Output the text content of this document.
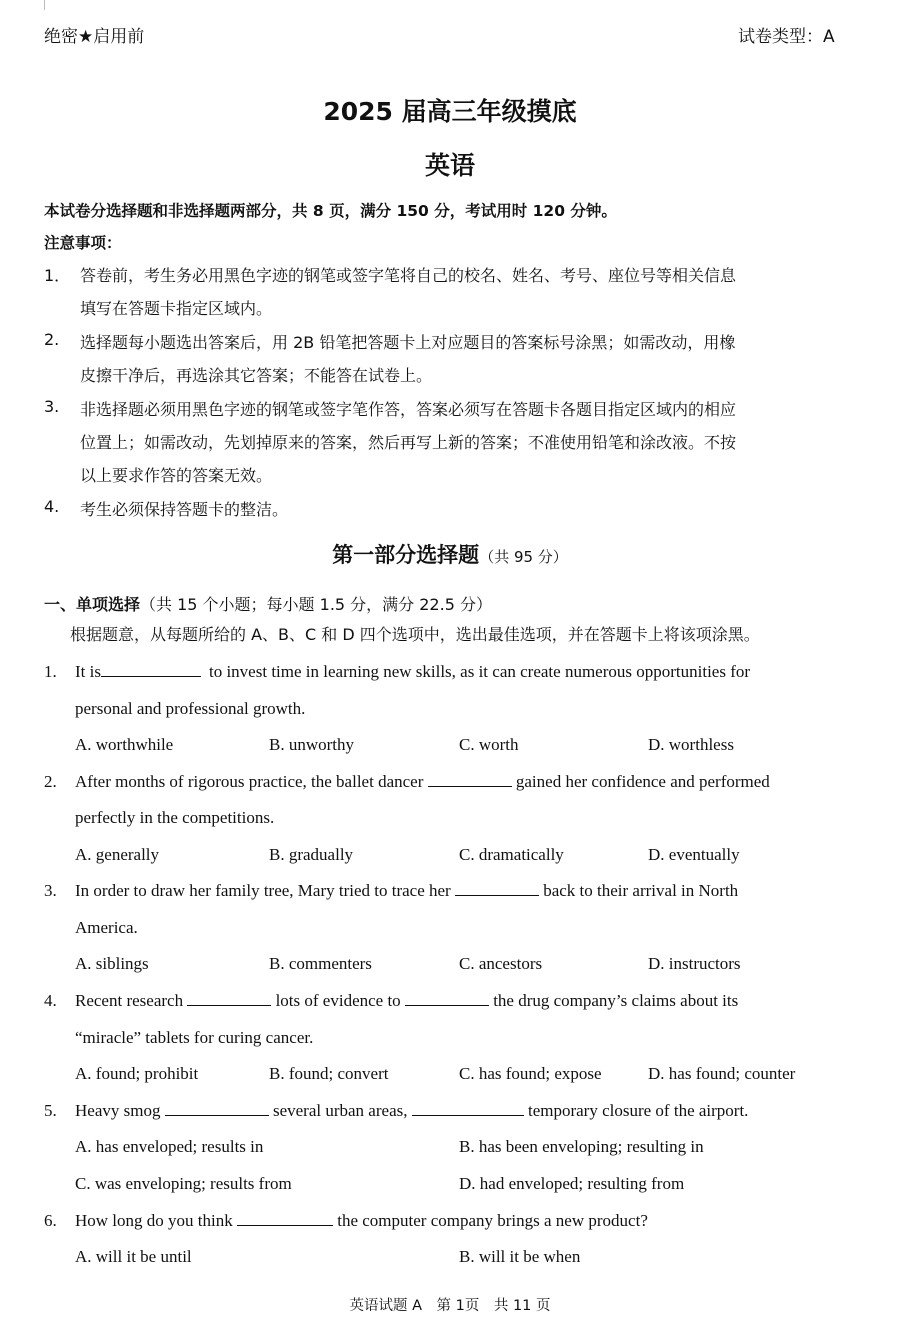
绝密★启用前	试卷类型：A
2025 届高三年级摸底
英语
本试卷分选择题和非选择题两部分，共 8 页，满分 150 分，考试用时 120 分钟。
注意事项：
1． 答卷前，考生务必用黑色字迹的钢笔或签字笔将自己的校名、姓名、考号、座位号等相关信息
填写在答题卡指定区域内。
2. 选择题每小题选出答案后，用 2B 铅笔把答题卡上对应题目的答案标号涂黑；如需改动，用橡
皮擦干净后，再选涂其它答案；不能答在试卷上。
3. 非选择题必须用黑色字迹的钢笔或签字笔作答，答案必须写在答题卡各题目指定区域内的相应
位置上；如需改动，先划掉原来的答案，然后再写上新的答案；不准使用铅笔和涂改液。不按
以上要求作答的答案无效。
4. 考生必须保持答题卡的整洁。
第一部分选择题（共 95 分）
一、单项选择（共 15 个小题；每小题 1.5 分，满分 22.5 分）
根据题意，从每题所给的 A、B、C 和 D 四个选项中，选出最佳选项，并在答题卡上将该项涂黑。
1. It is	to invest time in learning new skills, as it can create numerous opportunities for
personal and professional growth.
A. worthwhile	B. unworthy	C. worth	D. worthless
2. After months of rigorous practice, the ballet dancer	gained her confidence and performed
perfectly in the competitions.
A. generally	B. gradually	C. dramatically	D. eventually
3. In order to draw her family tree, Mary tried to trace her	back to their arrival in North
America.
A. siblings	B. commenters	C. ancestors	D. instructors
4. Recent research	lots of evidence to	the drug company’s claims about its
“miracle” tablets for curing cancer.
A. found; prohibit	B. found; convert	C. has found; expose	D. has found; counter
5. Heavy smog	several urban areas,	temporary closure of the airport.
A. has enveloped; results in	B. has been enveloping; resulting in
C. was enveloping; results from	D. had enveloped; resulting from
6. How long do you think	the computer company brings a new product?
A. will it be until	B. will it be when
英语试题 A　第 1页　共 11 页
